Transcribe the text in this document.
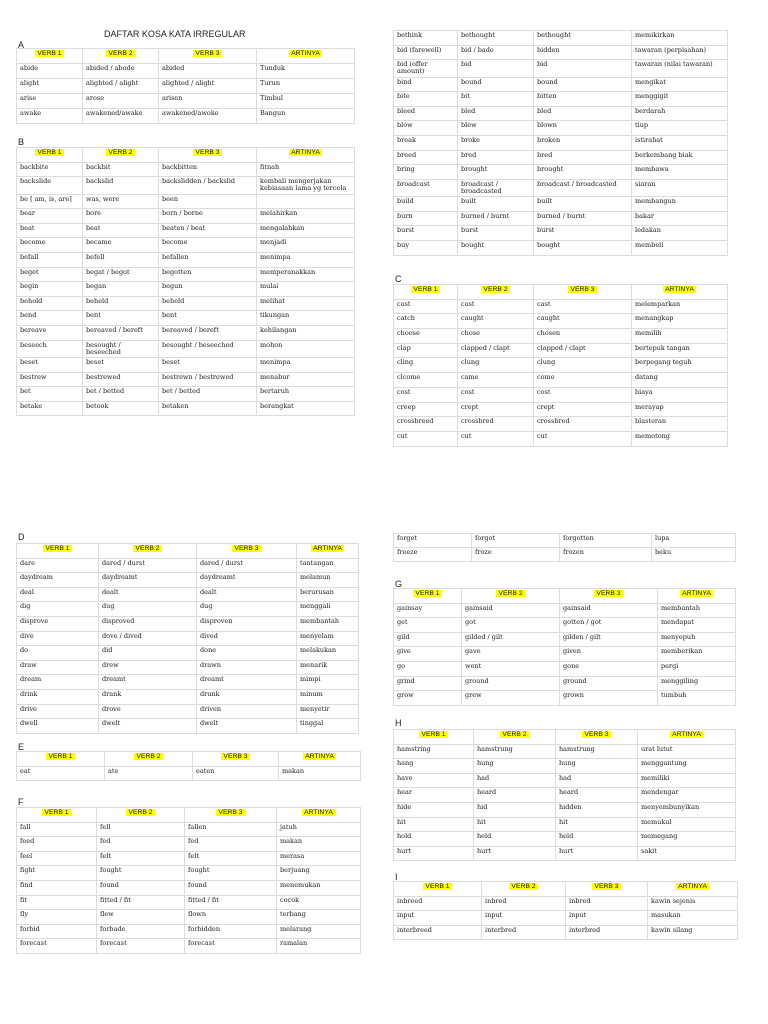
DAFTAR KOSA KATA IRREGULAR
A
VERB 1	VERB 2	VERB 3	ARTINYA
abide	abided / abode	abided	Tunduk
alight	alighted / alight	alighted / alight	Turun
arise	arose	arisen	Timbul
awake	awakened/awake	awakened/awoke	Bangun
B
VERB 1	VERB 2	VERB 3	ARTINYA
backbite	backbit	backbitten	fitnah
backslide	backslid	backslidden / backslid	kembali mengerjakan kebiasaan lama yg tercela
be [ am, is, are]	was, were	been	
bear	bore	born / borne	melahirkan
beat	beat	beaten / beat	mengalahkan
become	became	become	menjadi
befall	befell	befallen	menimpa
beget	begat / begot	begotten	memperanakkan
begin	began	begun	mulai
behold	beheld	beheld	melihat
bend	bent	bent	tikungan
bereave	bereaved / bereft	bereaved / bereft	kehilangan
beseech	besought / beseeched	besought / beseeched	mohon
beset	beset	beset	menimpa
bestrew	bestrewed	bestrewn / bestrewed	menabur
bet	bet / betted	bet / betted	bertaruh
betake	betook	betaken	berangkat
bethink	bethought	bethought	memikirkan
bid (farewell)	bid / bade	bidden	tawaran (perpisahan)
bid (offer amount)	bid	bid	tawaran (nilai tawaran)
bind	bound	bound	mengikat
bite	bit	bitten	menggigit
bleed	bled	bled	berdarah
blow	blew	blown	tiup
break	broke	broken	istirahat
breed	bred	bred	berkembang biak
bring	brought	brought	membawa
broadcast	broadcast / broadcasted	broadcast / broadcasted	siaran
build	built	built	membangun
burn	burned / burnt	burned / burnt	bakar
burst	burst	burst	ledakan
buy	bought	bought	membeli
C
VERB 1	VERB 2	VERB 3	ARTINYA
cast	cast	cast	melemparkan
catch	caught	caught	menangkap
choose	chose	chosen	memilih
clap	clapped / clapt	clapped / clapt	bertepuk tangan
cling	clung	clung	berpegang teguh
clcome	came	come	datang
cost	cost	cost	biaya
creep	crept	crept	merayap
crossbreed	crossbred	crossbred	blasteran
cut	cut	cut	memotong
D
VERB 1	VERB 2	VERB 3	ARTINYA
dare	dared / durst	dared / durst	tantangan
daydream	daydreamt	daydreamt	melamun
deal	dealt	dealt	berurusan
dig	dug	dug	menggali
disprove	disproved	disproven	membantah
dive	dove / dived	dived	menyelam
do	did	done	melakukan
draw	drew	drawn	menarik
dream	dreamt	dreamt	mimpi
drink	drank	drunk	minum
drive	drove	driven	menyetir
dwell	dwelt	dwelt	tinggal
E
VERB 1	VERB 2	VERB 3	ARTINYA
eat	ate	eaten	makan
F
VERB 1	VERB 2	VERB 3	ARTINYA
fall	fell	fallen	jatuh
feed	fed	fed	makan
feel	felt	felt	merasa
fight	fought	fought	berjuang
find	found	found	menemukan
fit	fitted / fit	fitted / fit	cocok
fly	flew	flown	terbang
forbid	forbade	forbidden	melarang
forecast	forecast	forecast	ramalan
forget	forgot	forgotten	lupa
freeze	froze	frozen	beku
G
VERB 1	VERB 2	VERB 3	ARTINYA
gainsay	gainsaid	gainsaid	membantah
get	got	gotten / got	mendapat
gild	gilded / gilt	gilden / gilt	menyepuh
give	gave	given	memberikan
go	went	gone	pergi
grind	ground	ground	menggiling
grow	grew	grown	tumbuh
H
VERB 1	VERB 2	VERB 3	ARTINYA
hamstring	hamstrung	hamstrung	urat lutut
hang	hung	hung	menggantung
have	had	had	memiliki
hear	heard	heard	mendengar
hide	hid	hidden	menyembunyikan
hit	hit	hit	memukul
hold	held	held	memegang
hurt	hurt	hurt	sakit
I
VERB 1	VERB 2	VERB 3	ARTINYA
inbreed	inbred	inbred	kawin sejenis
input	input	input	masukan
interbreed	interbred	interbred	kawin silang
